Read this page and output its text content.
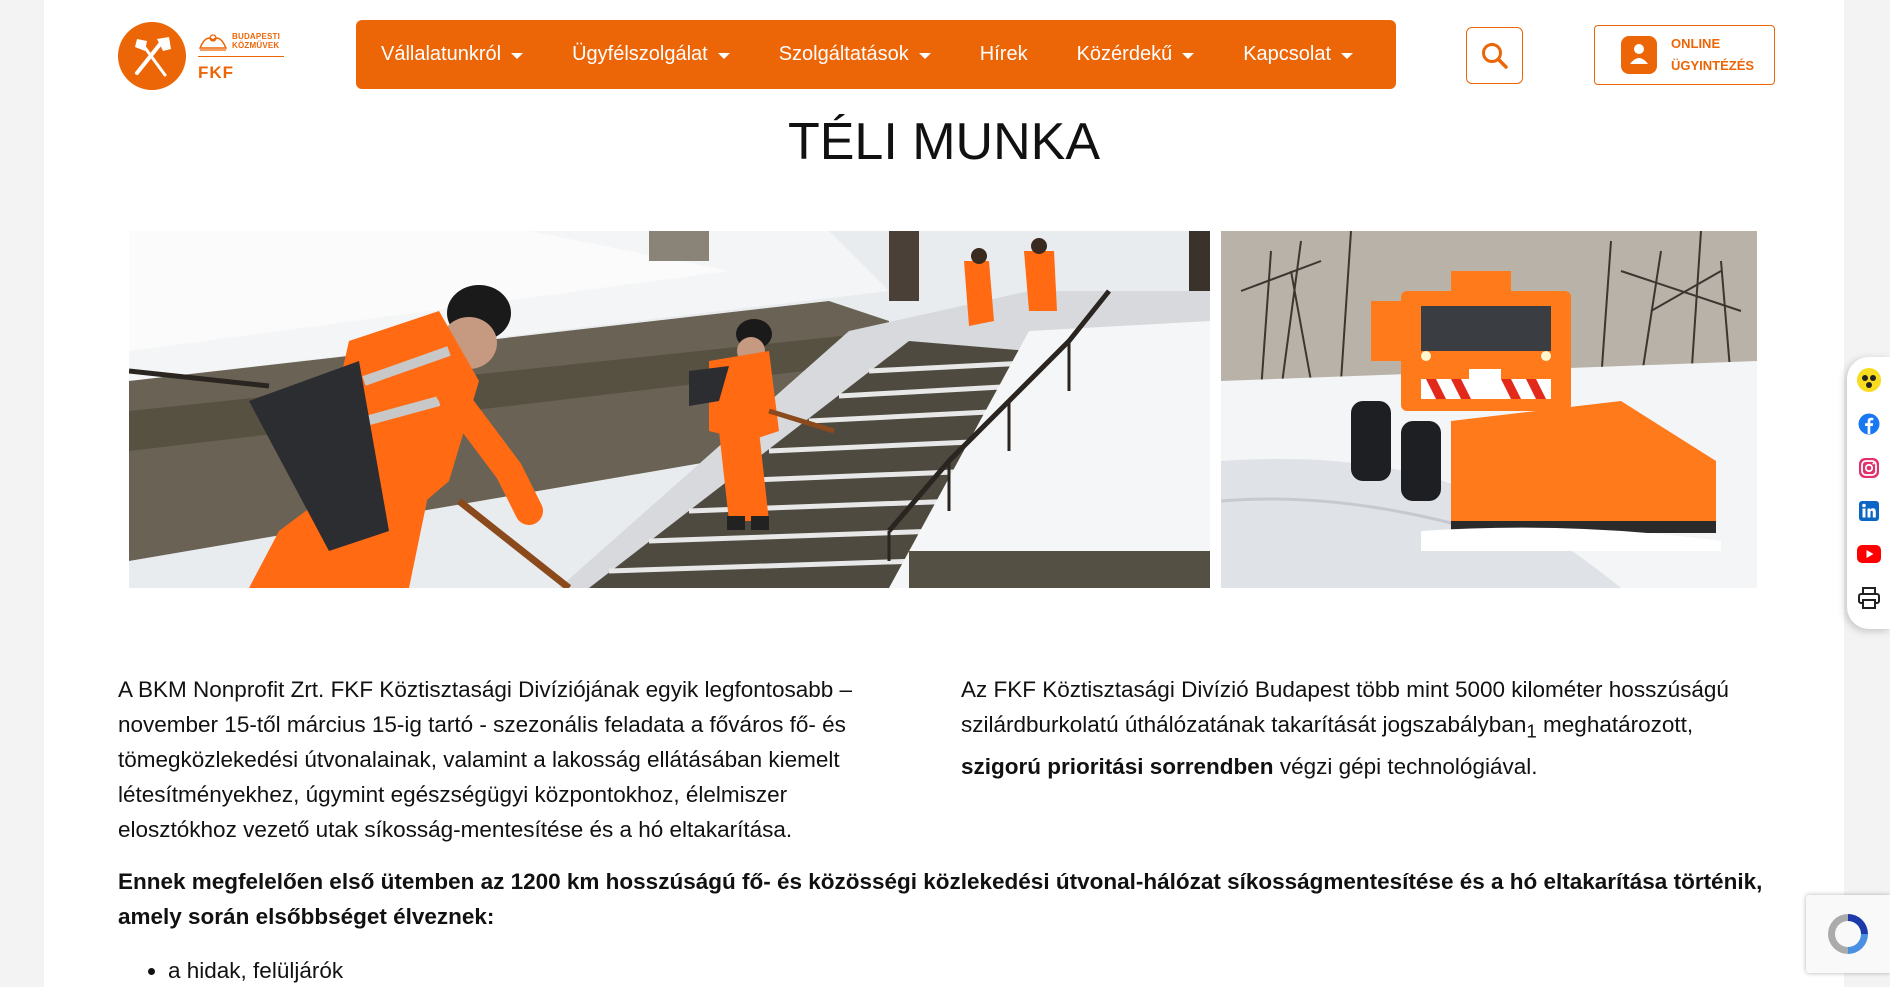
BUDAPESTI
KÖZMŰVEK
FKF
Vállalatunkról	Ügyfélszolgálat	Szolgáltatások	Hírek Közérdekű	Kapcsolat	ONLINE
ÜGYINTÉZÉS
TÉLI MUNKA

A BKM Nonprofit Zrt. FKF Köztisztasági Divíziójának egyik legfontosabb – november 15-től március 15-ig tartó - szezonális feladata a főváros fő- és tömegközlekedési útvonalainak, valamint a lakosság ellátásában kiemelt létesítményekhez, úgymint egészségügyi központokhoz, élelmiszer elosztókhoz vezető utak síkosság-mentesítése és a hó eltakarítása.

Az FKF Köztisztasági Divízió Budapest több mint 5000 kilométer hosszúságú szilárdburkolatú úthálózatának takarítását jogszabályban$_1$ meghatározott, szigorú prioritási sorrendben végzi gépi technológiával.

Ennek megfelelően első ütemben az 1200 km hosszúságú fő- és közösségi közlekedési útvonal-hálózat síkosságmentesítése és a hó eltakarítása történik, amely során elsőbbséget élveznek:

• a hidak, felüljárók
